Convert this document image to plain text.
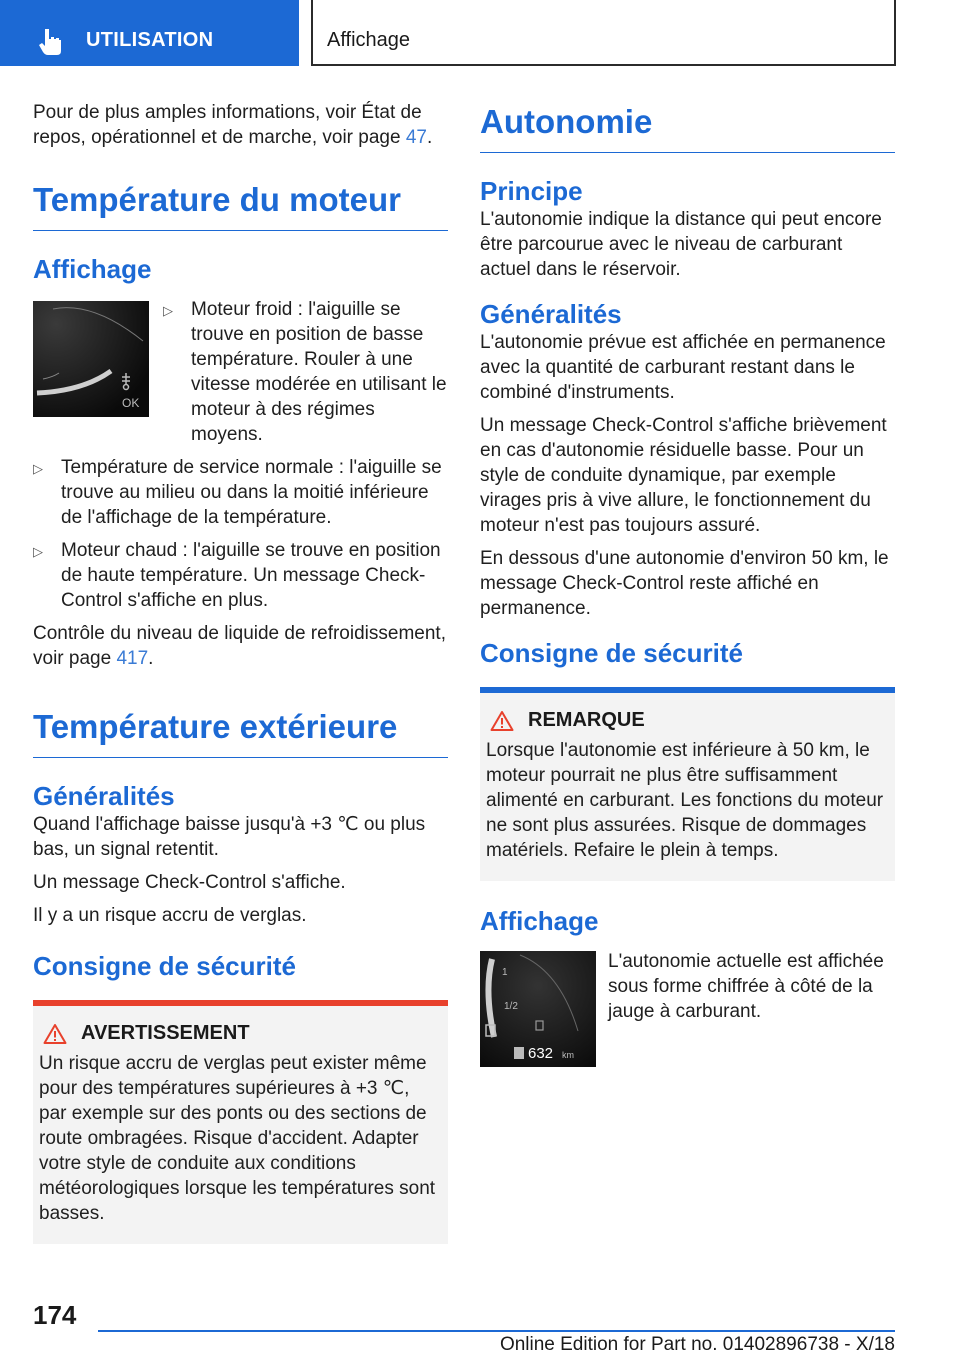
UTILISATION	Affichage

Pour de plus amples informations, voir État de repos, opérationnel et de marche, voir page 47.

Température du moteur
Affichage
OK
▷ Moteur froid : l'aiguille se trouve en position de basse température. Rouler à une vitesse modérée en utilisant le moteur à des régimes moyens.
▷ Température de service normale : l'aiguille se trouve au milieu ou dans la moitié inférieure de l'affichage de la température.
▷ Moteur chaud : l'aiguille se trouve en position de haute température. Un message Check-Control s'affiche en plus.

Contrôle du niveau de liquide de refroidissement, voir page 417.

Température extérieure
Généralités

Quand l'affichage baisse jusqu'à +3 ℃ ou plus bas, un signal retentit.

Un message Check-Control s'affiche.

Il y a un risque accru de verglas.

Consigne de sécurité
AVERTISSEMENT

Un risque accru de verglas peut exister même pour des températures supérieures à +3 ℃, par exemple sur des ponts ou des sections de route ombragées. Risque d'accident. Adapter votre style de conduite aux conditions météorologiques lorsque les températures sont basses.

Autonomie
Principe

L'autonomie indique la distance qui peut encore être parcourue avec le niveau de carburant actuel dans le réservoir.

Généralités

L'autonomie prévue est affichée en permanence avec la quantité de carburant restant dans le combiné d'instruments.

Un message Check-Control s'affiche brièvement en cas d'autonomie résiduelle basse. Pour un style de conduite dynamique, par exemple virages pris à vive allure, le fonctionnement du moteur n'est pas toujours assuré.

En dessous d'une autonomie d'environ 50 km, le message Check-Control reste affiché en permanence.

Consigne de sécurité
REMARQUE

Lorsque l'autonomie est inférieure à 50 km, le moteur pourrait ne plus être suffisamment alimenté en carburant. Les fonctions du moteur ne sont plus assurées. Risque de dommages matériels. Refaire le plein à temps.

Affichage
1
1/2
632 km

L'autonomie actuelle est affichée sous forme chiffrée à côté de la jauge à carburant.

174
Online Edition for Part no. 01402896738 - X/18
